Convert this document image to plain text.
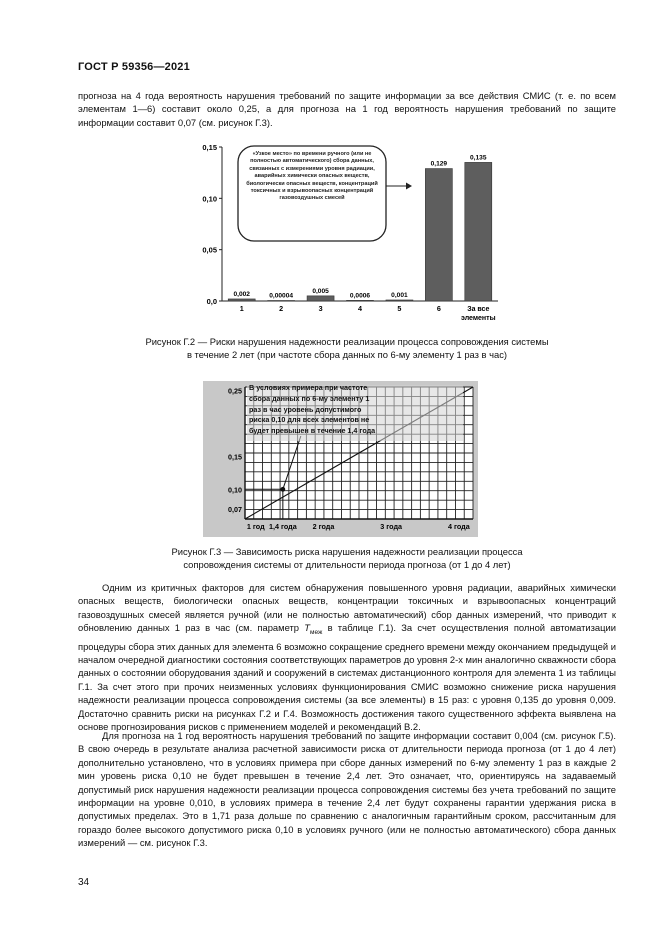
ГОСТ Р 59356—2021

прогноза на 4 года вероятность нарушения требований по защите информации за все действия СМИС (т. е. по всем элементам 1—6) составит около 0,25, а для прогноза на 1 год вероятность нарушения требований по защите информации составит 0,07 (см. рисунок Г.3).

0,15
0,10
0,05
0,0
0,002
1
0,00004
2
0,005
3
0,0006
4
0,001
5
0,129
6
0,135
За все элементы
«Узкое место» по времени ручного (или не полностью автоматического) сбора данных, связанных с измерениями уровня радиации, аварийных химически опасных веществ, биологически опасных веществ, концентраций токсичных и взрывоопасных концентраций газовоздушных смесей
Рисунок Г.2 — Риски нарушения надежности реализации процесса сопровождения системы
в течение 2 лет (при частоте сбора данных по 6-му элементу 1 раз в час)
0,25
0,15
0,10
0,07
1 год 1,4 года 2 года	3 года	4 года
В условиях примера при частоте сбора данных по 6-му элементу 1 раз в час уровень допустимого риска 0,10 для всех элементов не будет превышен в течение 1,4 года
Рисунок Г.3 — Зависимость риска нарушения надежности реализации процесса
сопровождения системы от длительности периода прогноза (от 1 до 4 лет)

Одним из критичных факторов для систем обнаружения повышенного уровня радиации, аварийных химически опасных веществ, биологически опасных веществ, концентрации токсичных и взрывоопасных концентраций газовоздушных смесей является ручной (или не полностью автоматический) сбор данных измерений, что приводит к обновлению данных 1 раз в час (см. параметр $T_{меж}$ в таблице Г.1). За счет осуществления полной автоматизации процедуры сбора этих данных для элемента 6 возможно сокращение среднего времени между окончанием предыдущей и началом очередной диагностики состояния соответствующих параметров до уровня 2-х мин аналогично скважности сбора данных о состоянии оборудования зданий и сооружений в системах дистанционного контроля для элемента 1 из таблицы Г.1. За счет этого при прочих неизменных условиях функционирования СМИС возможно снижение риска нарушения надежности реализации процесса сопровождения системы (за все элементы) в 15 раз: с уровня 0,135 до уровня 0,009. Достаточно сравнить риски на рисунках Г.2 и Г.4. Возможность достижения такого существенного эффекта выявлена на основе прогнозирования рисков с применением моделей и рекомендаций В.2.

Для прогноза на 1 год вероятность нарушения требований по защите информации составит 0,004 (см. рисунок Г.5). В свою очередь в результате анализа расчетной зависимости риска от длительности периода прогноза (от 1 до 4 лет) дополнительно установлено, что в условиях примера при сборе данных измерений по 6-му элементу 1 раз в каждые 2 мин уровень риска 0,10 не будет превышен в течение 2,4 лет. Это означает, что, ориентируясь на задаваемый допустимый риск нарушения надежности реализации процесса сопровождения системы без учета требований по защите информации на уровне 0,010, в условиях примера в течение 2,4 лет будут сохранены гарантии удержания риска в допустимых пределах. Это в 1,71 раза дольше по сравнению с аналогичным гарантийным сроком, рассчитанным для гораздо более высокого допустимого риска 0,10 в условиях ручного (или не полностью автоматического) сбора данных измерений — см. рисунок Г.3.

34
